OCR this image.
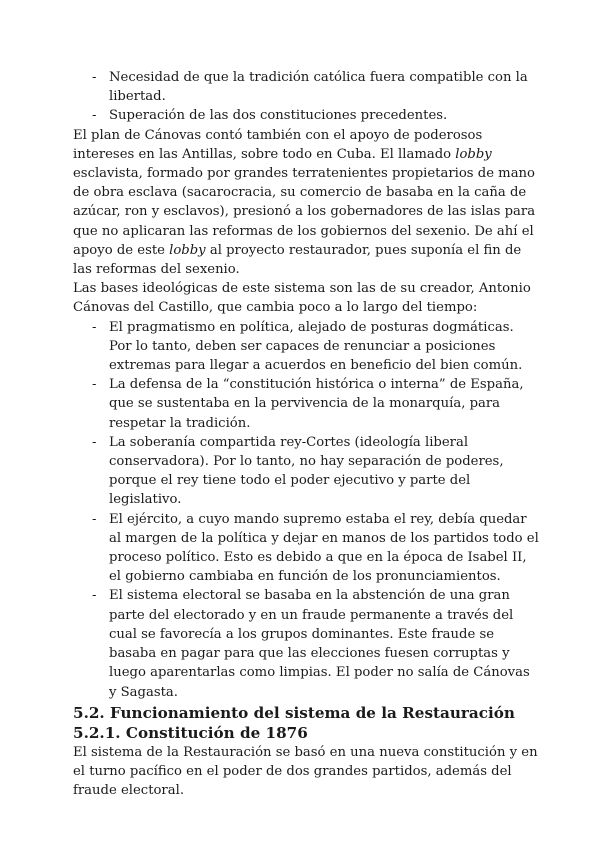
- Necesidad de que la tradición católica fuera compatible con la libertad.
- Superación de las dos constituciones precedentes.

El plan de Cánovas contó también con el apoyo de poderosos intereses en las Antillas, sobre todo en Cuba. El llamado lobby esclavista, formado por grandes terratenientes propietarios de mano de obra esclava (sacarocracia, su comercio de basaba en la caña de azúcar, ron y esclavos), presionó a los gobernadores de las islas para que no aplicaran las reformas de los gobiernos del sexenio. De ahí el apoyo de este lobby al proyecto restaurador, pues suponía el fin de las reformas del sexenio.

Las bases ideológicas de este sistema son las de su creador, Antonio Cánovas del Castillo, que cambia poco a lo largo del tiempo:

- El pragmatismo en política, alejado de posturas dogmáticas. Por lo tanto, deben ser capaces de renunciar a posiciones extremas para llegar a acuerdos en beneficio del bien común.
- La defensa de la “constitución histórica o interna” de España, que se sustentaba en la pervivencia de la monarquía, para respetar la tradición.
- La soberanía compartida rey-Cortes (ideología liberal conservadora). Por lo tanto, no hay separación de poderes, porque el rey tiene todo el poder ejecutivo y parte del legislativo.
- El ejército, a cuyo mando supremo estaba el rey, debía quedar al margen de la política y dejar en manos de los partidos todo el proceso político. Esto es debido a que en la época de Isabel II, el gobierno cambiaba en función de los pronunciamientos.
- El sistema electoral se basaba en la abstención de una gran parte del electorado y en un fraude permanente a través del cual se favorecía a los grupos dominantes. Este fraude se basaba en pagar para que las elecciones fuesen corruptas y luego aparentarlas como limpias. El poder no salía de Cánovas y Sagasta.
5.2. Funcionamiento del sistema de la Restauración
5.2.1. Constitución de 1876

El sistema de la Restauración se basó en una nueva constitución y en el turno pacífico en el poder de dos grandes partidos, además del fraude electoral.
